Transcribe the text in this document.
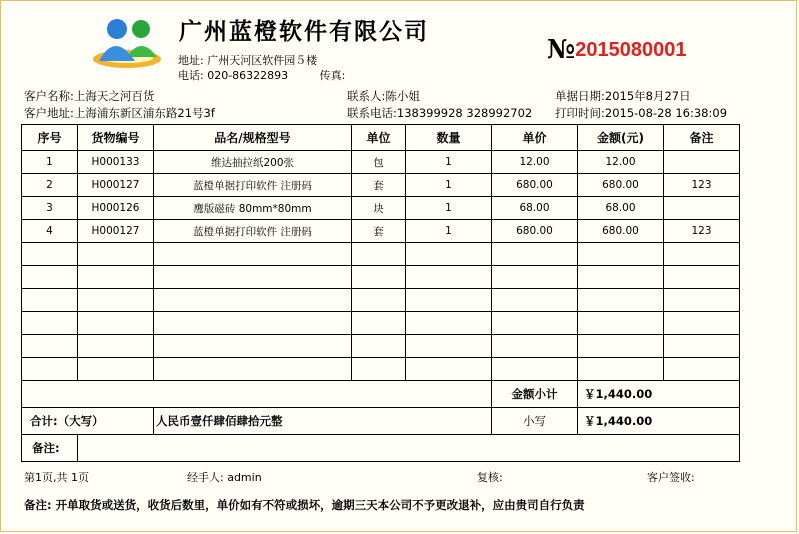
广州蓝橙软件有限公司
地址: 广州天河区软件园５楼
电话: 020-86322893	传真:
№2015080001
客户名称:上海天之河百货	联系人:陈小姐	单据日期:2015年8月27日
客户地址:上海浦东新区浦东路21号3f	联系电话:138399928 328992702 打印时间:2015-08-28 16:38:09
序号	货物编号	品名/规格型号	单位	数量	单价	金额(元)	备注
1	H000133	维达抽拉纸200张	包	1	12.00	12.00	
2	H000127	蓝橙单据打印软件 注册码	套	1	680.00	680.00	123
3	H000126	鹰版磁砖 80mm*80mm	块	1	68.00	68.00	
4	H000127	蓝橙单据打印软件 注册码	套	1	680.00	680.00	123

					金额小计	￥1,440.00	
合计:（大写）		人民币壹仟肆佰肆拾元整			小写	￥1,440.00	
备注:							
第1页,共 1页	经手人: admin	复核:	客户签收:
备注: 开单取货或送货，收货后数里，单价如有不符或损坏，逾期三天本公司不予更改退补，应由贵司自行负责
